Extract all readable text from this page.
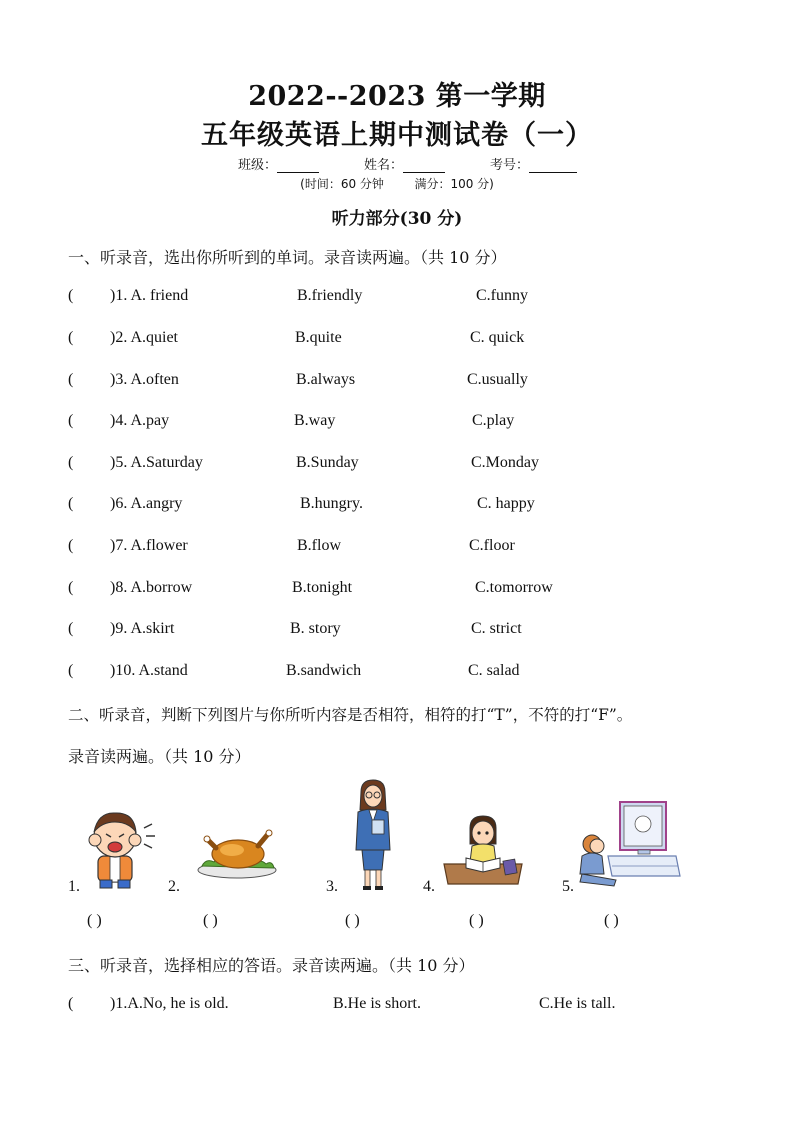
2022--2023 第一学期
五年级英语上期中测试卷（一）
班级：	姓名：	考号：
(时间：60 分钟        满分：100 分)
听力部分(30 分)
一、听录音，选出你所听到的单词。录音读两遍。（共 10 分）
( )1. A. friend	B.friendly	C.funny
( )2. A.quiet	B.quite	C. quick
( )3. A.often	B.always	C.usually
( )4. A.pay	B.way	C.play
( )5. A.Saturday	B.Sunday	C.Monday
( )6. A.angry	B.hungry.	C. happy
( )7. A.flower	B.flow	C.floor
( )8. A.borrow	B.tonight	C.tomorrow
( )9. A.skirt	B. story	C. strict
( )10. A.stand	B.sandwich	C. salad
二、听录音，判断下列图片与你所听内容是否相符，相符的打“T”，不符的打“F”。
录音读两遍。（共 10 分）
1.
( )
2.
( )
3.
( )
4.
( )
5.
( )
三、听录音，选择相应的答语。录音读两遍。（共 10 分）
( )1.A.No, he is old.	B.He is short.	C.He is tall.
